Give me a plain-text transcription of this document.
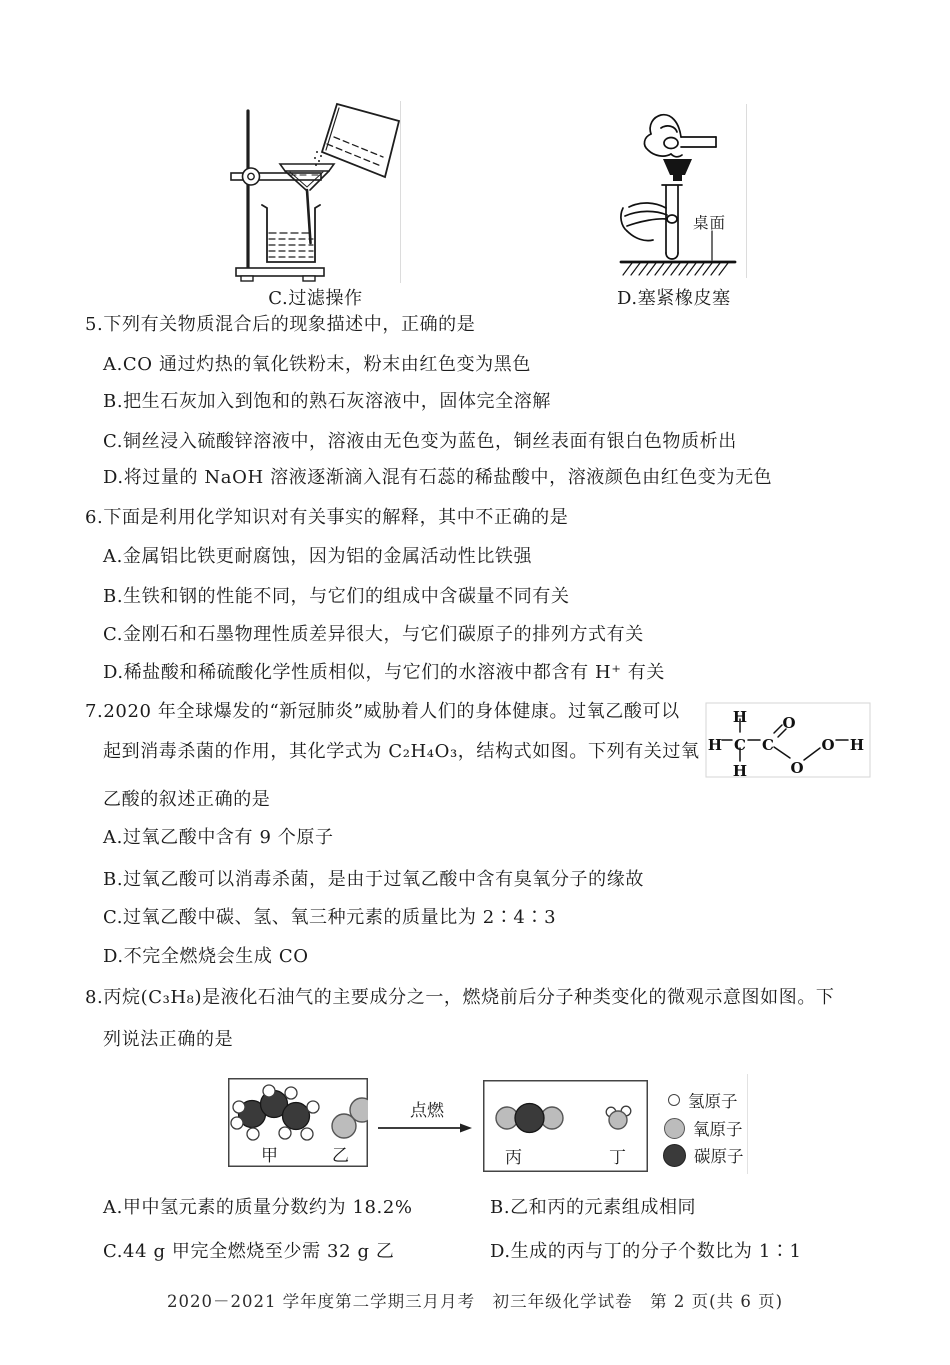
C.过滤操作
桌面
D.塞紧橡皮塞
5.下列有关物质混合后的现象描述中，正确的是
A.CO 通过灼热的氧化铁粉末，粉末由红色变为黑色
B.把生石灰加入到饱和的熟石灰溶液中，固体完全溶解
C.铜丝浸入硫酸锌溶液中，溶液由无色变为蓝色，铜丝表面有银白色物质析出
D.将过量的 NaOH 溶液逐渐滴入混有石蕊的稀盐酸中，溶液颜色由红色变为无色
6.下面是利用化学知识对有关事实的解释，其中不正确的是
A.金属铝比铁更耐腐蚀，因为铝的金属活动性比铁强
B.生铁和钢的性能不同，与它们的组成中含碳量不同有关
C.金刚石和石墨物理性质差异很大，与它们碳原子的排列方式有关
D.稀盐酸和稀硫酸化学性质相似，与它们的水溶液中都含有 H⁺ 有关
7.2020 年全球爆发的“新冠肺炎”威胁着人们的身体健康。过氧乙酸可以
起到消毒杀菌的作用，其化学式为 C₂H₄O₃，结构式如图。下列有关过氧
乙酸的叙述正确的是
H
H
H
C C
O
O
O H
A.过氧乙酸中含有 9 个原子
B.过氧乙酸可以消毒杀菌，是由于过氧乙酸中含有臭氧分子的缘故
C.过氧乙酸中碳、氢、氧三种元素的质量比为 2∶4∶3
D.不完全燃烧会生成 CO
8.丙烷(C₃H₈)是液化石油气的主要成分之一，燃烧前后分子种类变化的微观示意图如图。下
列说法正确的是
甲	乙
点燃
丙	丁
氢原子
氧原子
碳原子
A.甲中氢元素的质量分数约为 18.2%	B.乙和丙的元素组成相同
C.44 g 甲完全燃烧至少需 32 g 乙	D.生成的丙与丁的分子个数比为 1∶1
2020－2021 学年度第二学期三月月考　初三年级化学试卷　第 2 页(共 6 页)
